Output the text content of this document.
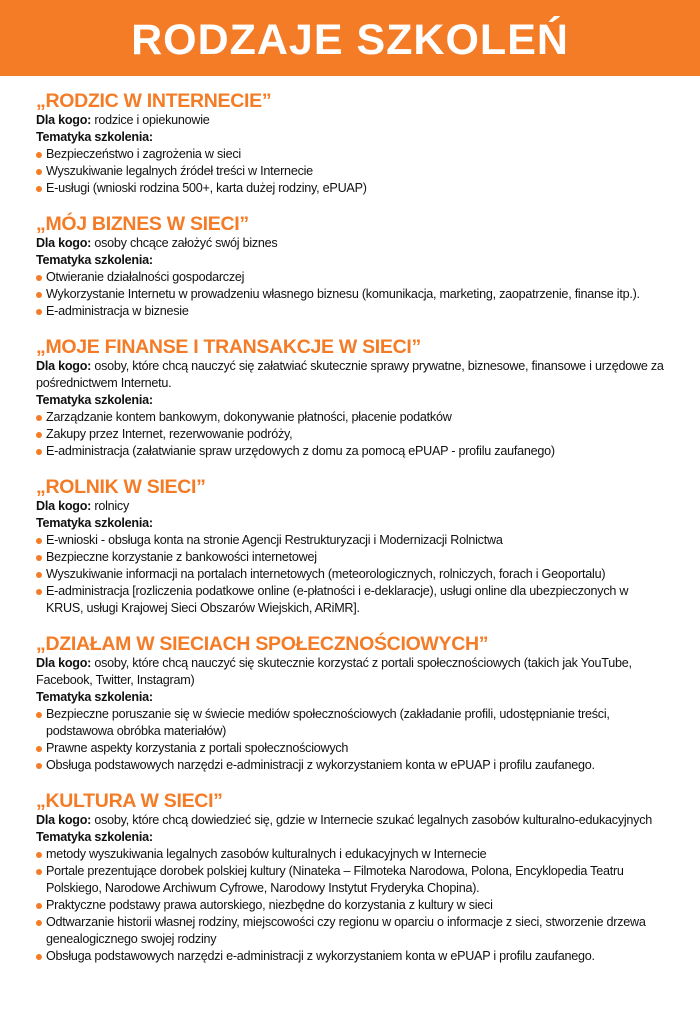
RODZAJE SZKOLEŃ
„RODZIC W INTERNECIE”
Dla kogo: rodzice i opiekunowie
Tematyka szkolenia:
Bezpieczeństwo i zagrożenia w sieci
Wyszukiwanie legalnych źródeł treści w Internecie
E-usługi (wnioski rodzina 500+, karta dużej rodziny, ePUAP)
„MÓJ BIZNES W SIECI”
Dla kogo: osoby chcące założyć swój biznes
Tematyka szkolenia:
Otwieranie działalności gospodarczej
Wykorzystanie Internetu w prowadzeniu własnego biznesu (komunikacja, marketing, zaopatrzenie, finanse itp.).
E-administracja w biznesie
„MOJE FINANSE I TRANSAKCJE W SIECI”
Dla kogo: osoby, które chcą nauczyć się załatwiać skutecznie sprawy prywatne, biznesowe, finansowe i urzędowe za pośrednictwem Internetu.
Tematyka szkolenia:
Zarządzanie kontem bankowym, dokonywanie płatności, płacenie podatków
Zakupy przez Internet, rezerwowanie podróży,
E-administracja (załatwianie spraw urzędowych z domu za pomocą ePUAP - profilu zaufanego)
„ROLNIK W SIECI”
Dla kogo: rolnicy
Tematyka szkolenia:
E-wnioski - obsługa konta na stronie Agencji Restrukturyzacji i Modernizacji Rolnictwa
Bezpieczne korzystanie z bankowości internetowej
Wyszukiwanie informacji na portalach internetowych (meteorologicznych, rolniczych, forach i Geoportalu)
E-administracja [rozliczenia podatkowe online (e-płatności i e-deklaracje), usługi online dla ubezpieczonych w KRUS, usługi Krajowej Sieci Obszarów Wiejskich, ARiMR].
„DZIAŁAM W SIECIACH SPOŁECZNOŚCIOWYCH”
Dla kogo: osoby, które chcą nauczyć się skutecznie korzystać z portali społecznościowych (takich jak YouTube, Facebook, Twitter, Instagram)
Tematyka szkolenia:
Bezpieczne poruszanie się w świecie mediów społecznościowych (zakładanie profili, udostępnianie treści, podstawowa obróbka materiałów)
Prawne aspekty korzystania z portali społecznościowych
Obsługa podstawowych narzędzi e-administracji z wykorzystaniem konta w ePUAP i profilu zaufanego.
„KULTURA W SIECI”
Dla kogo: osoby, które chcą dowiedzieć się, gdzie w Internecie szukać legalnych zasobów kulturalno-edukacyjnych
Tematyka szkolenia:
metody wyszukiwania legalnych zasobów kulturalnych i edukacyjnych w Internecie
Portale prezentujące dorobek polskiej kultury (Ninateka – Filmoteka Narodowa, Polona, Encyklopedia Teatru Polskiego, Narodowe Archiwum Cyfrowe, Narodowy Instytut Fryderyka Chopina).
Praktyczne podstawy prawa autorskiego, niezbędne do korzystania z kultury w sieci
Odtwarzanie historii własnej rodziny, miejscowości czy regionu w oparciu o informacje z sieci, stworzenie drzewa genealogicznego swojej rodziny
Obsługa podstawowych narzędzi e-administracji z wykorzystaniem konta w ePUAP i profilu zaufanego.
